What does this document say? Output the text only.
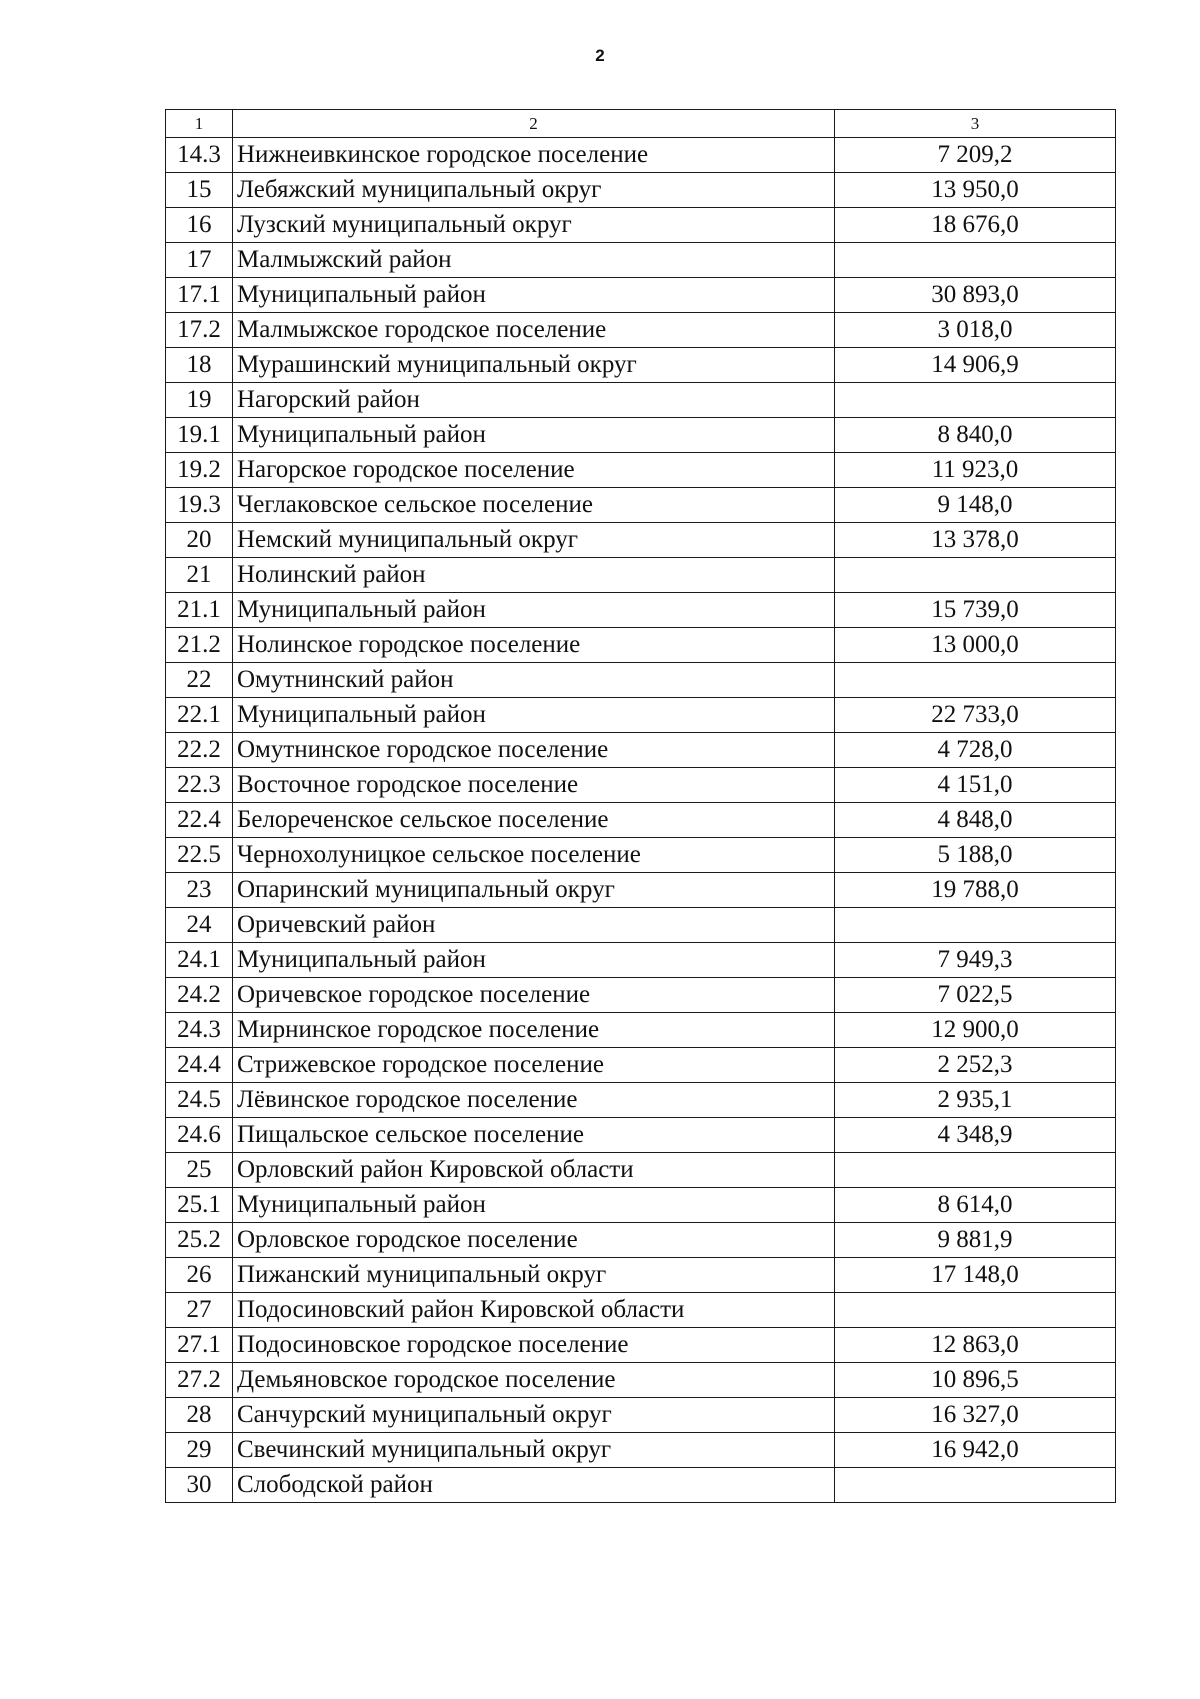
2
1	2	3
14.3	Нижнеивкинское городское поселение	7 209,2
15	Лебяжский муниципальный округ	13 950,0
16	Лузский муниципальный округ	18 676,0
17	Малмыжский район	
17.1	Муниципальный район	30 893,0
17.2	Малмыжское городское поселение	3 018,0
18	Мурашинский муниципальный округ	14 906,9
19	Нагорский район	
19.1	Муниципальный район	8 840,0
19.2	Нагорское городское поселение	11 923,0
19.3	Чеглаковское сельское поселение	9 148,0
20	Немский муниципальный округ	13 378,0
21	Нолинский район	
21.1	Муниципальный район	15 739,0
21.2	Нолинское городское поселение	13 000,0
22	Омутнинский район	
22.1	Муниципальный район	22 733,0
22.2	Омутнинское городское поселение	4 728,0
22.3	Восточное городское поселение	4 151,0
22.4	Белореченское сельское поселение	4 848,0
22.5	Чернохолуницкое сельское поселение	5 188,0
23	Опаринский муниципальный округ	19 788,0
24	Оричевский район	
24.1	Муниципальный район	7 949,3
24.2	Оричевское городское поселение	7 022,5
24.3	Мирнинское городское поселение	12 900,0
24.4	Стрижевское городское поселение	2 252,3
24.5	Лёвинское городское поселение	2 935,1
24.6	Пищальское сельское поселение	4 348,9
25	Орловский район Кировской области	
25.1	Муниципальный район	8 614,0
25.2	Орловское городское поселение	9 881,9
26	Пижанский муниципальный округ	17 148,0
27	Подосиновский район Кировской области	
27.1	Подосиновское городское поселение	12 863,0
27.2	Демьяновское городское поселение	10 896,5
28	Санчурский муниципальный округ	16 327,0
29	Свечинский муниципальный округ	16 942,0
30	Слободской район	
